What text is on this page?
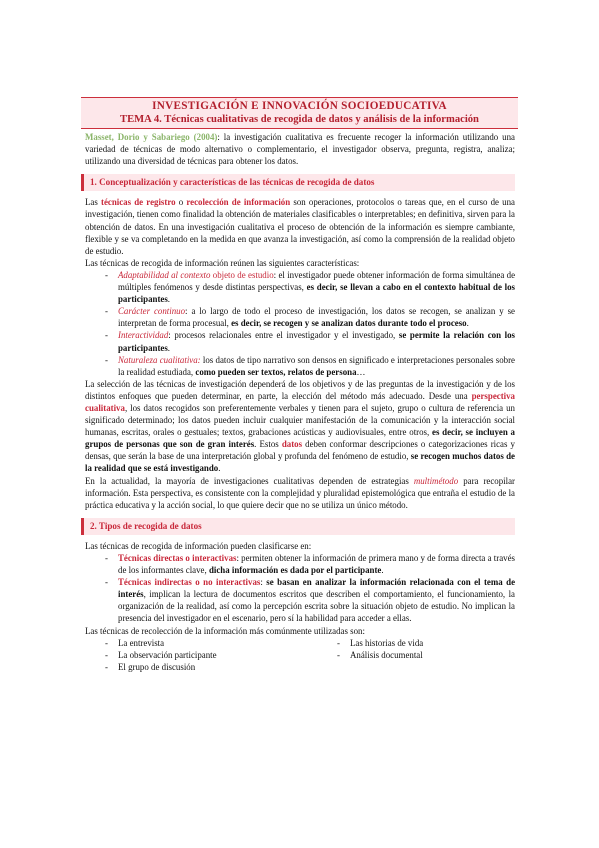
INVESTIGACIÓN E INNOVACIÓN SOCIOEDUCATIVA
TEMA 4. Técnicas cualitativas de recogida de datos y análisis de la información

Masset, Dorio y Sabariego (2004): la investigación cualitativa es frecuente recoger la información utilizando una variedad de técnicas de modo alternativo o complementario, el investigador observa, pregunta, registra, analiza; utilizando una diversidad de técnicas para obtener los datos.

1. Conceptualización y características de las técnicas de recogida de datos

Las técnicas de registro o recolección de información son operaciones, protocolos o tareas que, en el curso de una investigación, tienen como finalidad la obtención de materiales clasificables o interpretables; en definitiva, sirven para la obtención de datos. En una investigación cualitativa el proceso de obtención de la información es siempre cambiante, flexible y se va completando en la medida en que avanza la investigación, así como la comprensión de la realidad objeto de estudio.

Las técnicas de recogida de información reúnen las siguientes características:

- Adaptabilidad al contexto objeto de estudio: el investigador puede obtener información de forma simultánea de múltiples fenómenos y desde distintas perspectivas, es decir, se llevan a cabo en el contexto habitual de los participantes.
- Carácter continuo: a lo largo de todo el proceso de investigación, los datos se recogen, se analizan y se interpretan de forma procesual, es decir, se recogen y se analizan datos durante todo el proceso.
- Interactividad: procesos relacionales entre el investigador y el investigado, se permite la relación con los participantes.
- Naturaleza cualitativa: los datos de tipo narrativo son densos en significado e interpretaciones personales sobre la realidad estudiada, como pueden ser textos, relatos de persona…

La selección de las técnicas de investigación dependerá de los objetivos y de las preguntas de la investigación y de los distintos enfoques que pueden determinar, en parte, la elección del método más adecuado. Desde una perspectiva cualitativa, los datos recogidos son preferentemente verbales y tienen para el sujeto, grupo o cultura de referencia un significado determinado; los datos pueden incluir cualquier manifestación de la comunicación y la interacción social humanas, escritas, orales o gestuales; textos, grabaciones acústicas y audiovisuales, entre otros, es decir, se incluyen a grupos de personas que son de gran interés. Estos datos deben conformar descripciones o categorizaciones ricas y densas, que serán la base de una interpretación global y profunda del fenómeno de estudio, se recogen muchos datos de la realidad que se está investigando.

En la actualidad, la mayoría de investigaciones cualitativas dependen de estrategias multimétodo para recopilar información. Esta perspectiva, es consistente con la complejidad y pluralidad epistemológica que entraña el estudio de la práctica educativa y la acción social, lo que quiere decir que no se utiliza un único método.

2. Tipos de recogida de datos

Las técnicas de recogida de información pueden clasificarse en:

- Técnicas directas o interactivas: permiten obtener la información de primera mano y de forma directa a través de los informantes clave, dicha información es dada por el participante.
- Técnicas indirectas o no interactivas: se basan en analizar la información relacionada con el tema de interés, implican la lectura de documentos escritos que describen el comportamiento, el funcionamiento, la organización de la realidad, así como la percepción escrita sobre la situación objeto de estudio. No implican la presencia del investigador en el escenario, pero sí la habilidad para acceder a ellas.

Las técnicas de recolección de la información más comúnmente utilizadas son:

- La entrevista
- La observación participante
- El grupo de discusión
- Las historias de vida
- Análisis documental
